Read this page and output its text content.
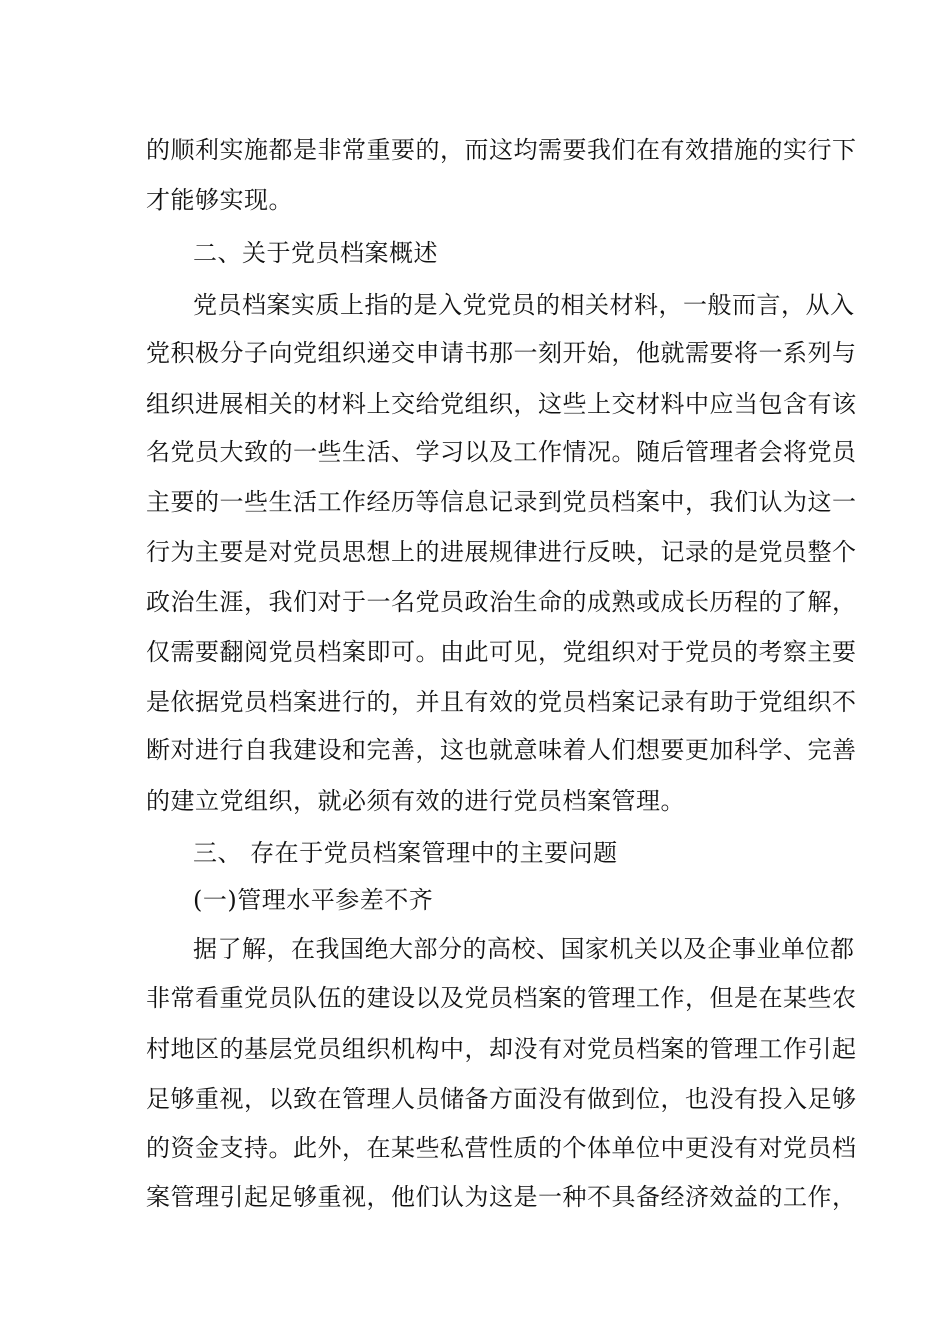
的顺利实施都是非常重要的，而这均需要我们在有效措施的实行下
才能够实现。
二、关于党员档案概述
党员档案实质上指的是入党党员的相关材料，一般而言，从入
党积极分子向党组织递交申请书那一刻开始，他就需要将一系列与
组织进展相关的材料上交给党组织，这些上交材料中应当包含有该
名党员大致的一些生活、学习以及工作情况。随后管理者会将党员
主要的一些生活工作经历等信息记录到党员档案中，我们认为这一
行为主要是对党员思想上的进展规律进行反映，记录的是党员整个
政治生涯，我们对于一名党员政治生命的成熟或成长历程的了解，
仅需要翻阅党员档案即可。由此可见，党组织对于党员的考察主要
是依据党员档案进行的，并且有效的党员档案记录有助于党组织不
断对进行自我建设和完善，这也就意味着人们想要更加科学、完善
的建立党组织，就必须有效的进行党员档案管理。
三、 存在于党员档案管理中的主要问题
(一)管理水平参差不齐
据了解，在我国绝大部分的高校、国家机关以及企事业单位都
非常看重党员队伍的建设以及党员档案的管理工作，但是在某些农
村地区的基层党员组织机构中，却没有对党员档案的管理工作引起
足够重视，以致在管理人员储备方面没有做到位，也没有投入足够
的资金支持。此外，在某些私营性质的个体单位中更没有对党员档
案管理引起足够重视，他们认为这是一种不具备经济效益的工作，
